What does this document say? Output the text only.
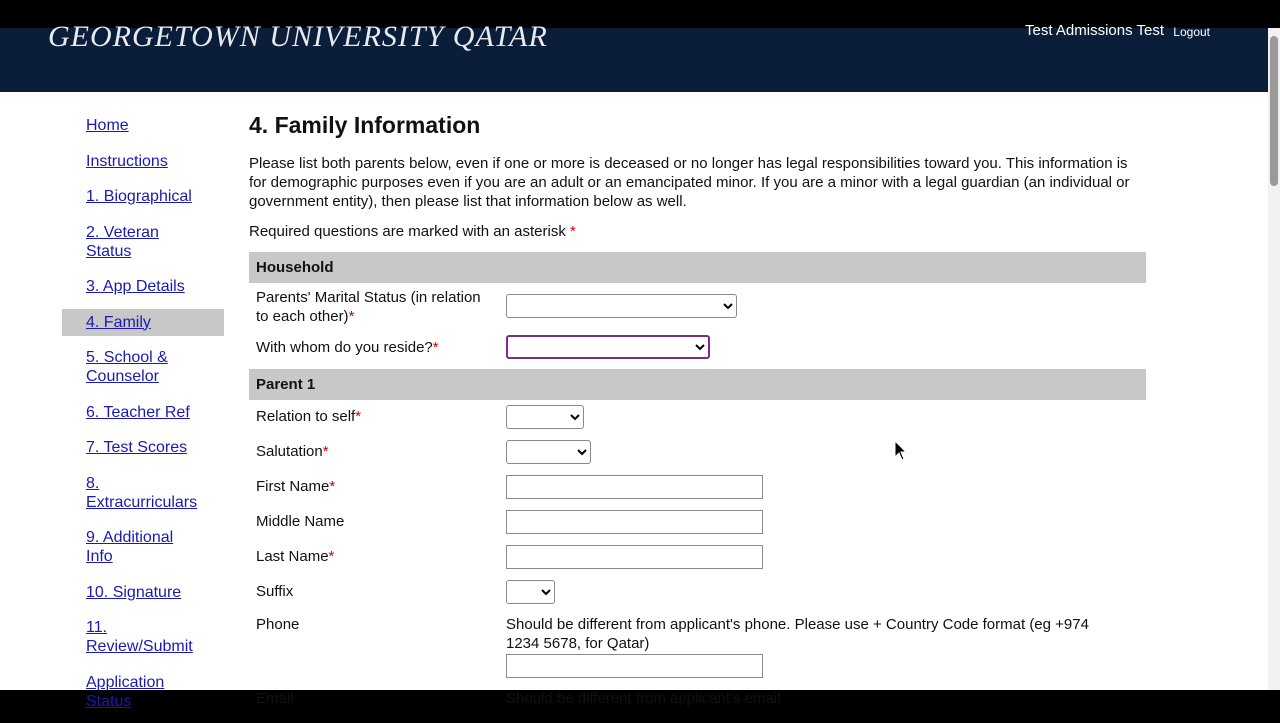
GEORGETOWN UNIVERSITY QATAR	Test Admissions Test Logout
Home
Instructions
1. Biographical
2. Veteran Status
3. App Details
4. Family
5. School & Counselor
6. Teacher Ref
7. Test Scores
8. Extracurriculars
9. Additional Info
10. Signature
11. Review/Submit
Application Status
4. Family Information

Please list both parents below, even if one or more is deceased or no longer has legal responsibilities toward you. This information is for demographic purposes even if you are an adult or an emancipated minor. If you are a minor with a legal guardian (an individual or government entity), then please list that information below as well.

Required questions are marked with an asterisk *
Household
Parents' Marital Status (in relation to each other)*
With whom do you reside?*
Parent 1
Relation to self*
Salutation*
First Name*
Middle Name
Last Name*
Suffix
Phone	Should be different from applicant's phone. Please use + Country Code format (eg +974 1234 5678, for Qatar)
Email	Should be different from applicant's email
